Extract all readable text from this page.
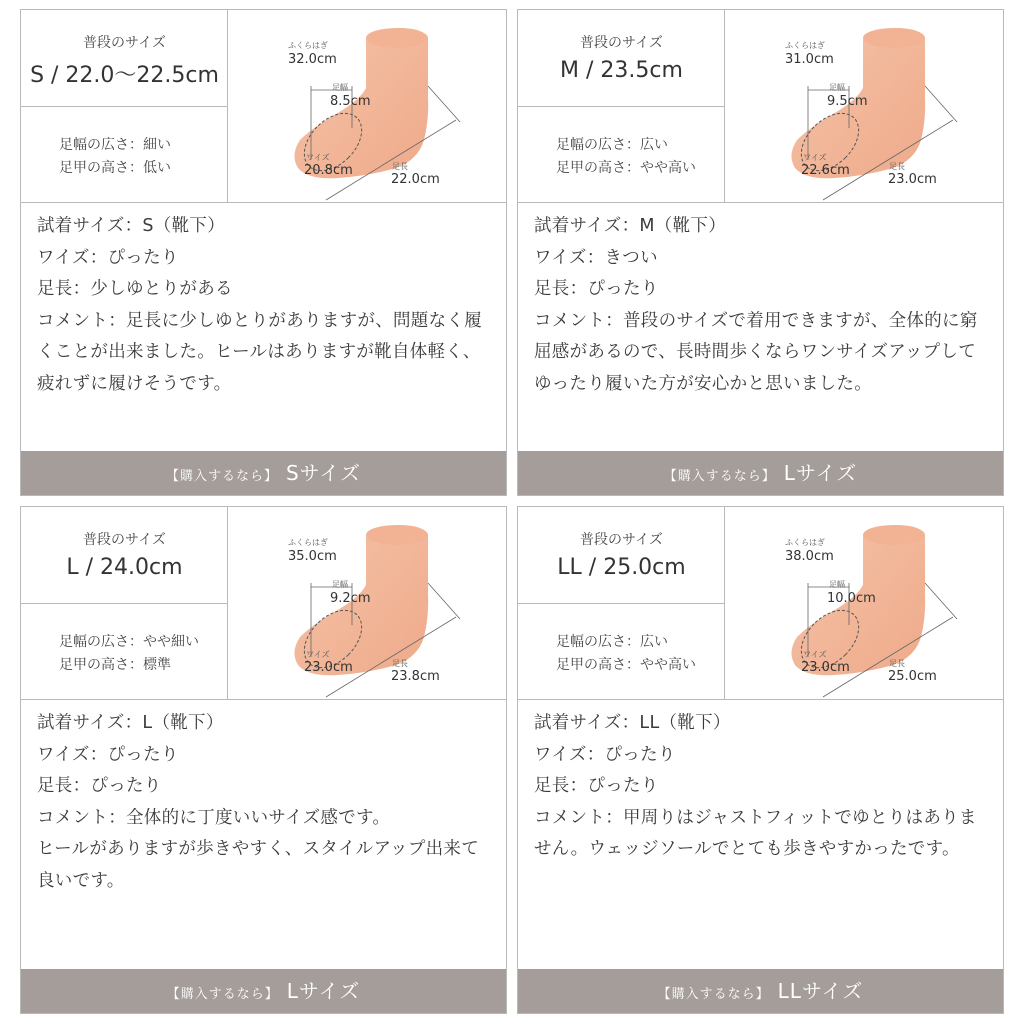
普段のサイズ
S / 22.0～22.5cm
足幅の広さ：細い
足甲の高さ：低い
ふくらはぎ
32.0cm
足幅
8.5cm
ワイズ
20.8cm	足長
22.0cm
試着サイズ：S（靴下）
ワイズ：ぴったり
足長：少しゆとりがある
コメント：足長に少しゆとりがありますが、問題なく履くことが出来ました。ヒールはありますが靴自体軽く、疲れずに履けそうです。
【購入するなら】 Sサイズ
普段のサイズ
M / 23.5cm
足幅の広さ：広い
足甲の高さ：やや高い
ふくらはぎ
31.0cm
足幅
9.5cm
ワイズ
22.6cm	足長
23.0cm
試着サイズ：M（靴下）
ワイズ：きつい
足長：ぴったり
コメント：普段のサイズで着用できますが、全体的に窮屈感があるので、長時間歩くならワンサイズアップしてゆったり履いた方が安心かと思いました。
【購入するなら】 Lサイズ
普段のサイズ
L / 24.0cm
足幅の広さ：やや細い
足甲の高さ：標準
ふくらはぎ
35.0cm
足幅
9.2cm
ワイズ
23.0cm	足長
23.8cm
試着サイズ：L（靴下）
ワイズ：ぴったり
足長：ぴったり
コメント：全体的に丁度いいサイズ感です。
ヒールがありますが歩きやすく、スタイルアップ出来て良いです。
【購入するなら】 Lサイズ
普段のサイズ
LL / 25.0cm
足幅の広さ：広い
足甲の高さ：やや高い
ふくらはぎ
38.0cm
足幅
10.0cm
ワイズ
23.0cm	足長
25.0cm
試着サイズ：LL（靴下）
ワイズ：ぴったり
足長：ぴったり
コメント：甲周りはジャストフィットでゆとりはありません。ウェッジソールでとても歩きやすかったです。
【購入するなら】 LLサイズ
